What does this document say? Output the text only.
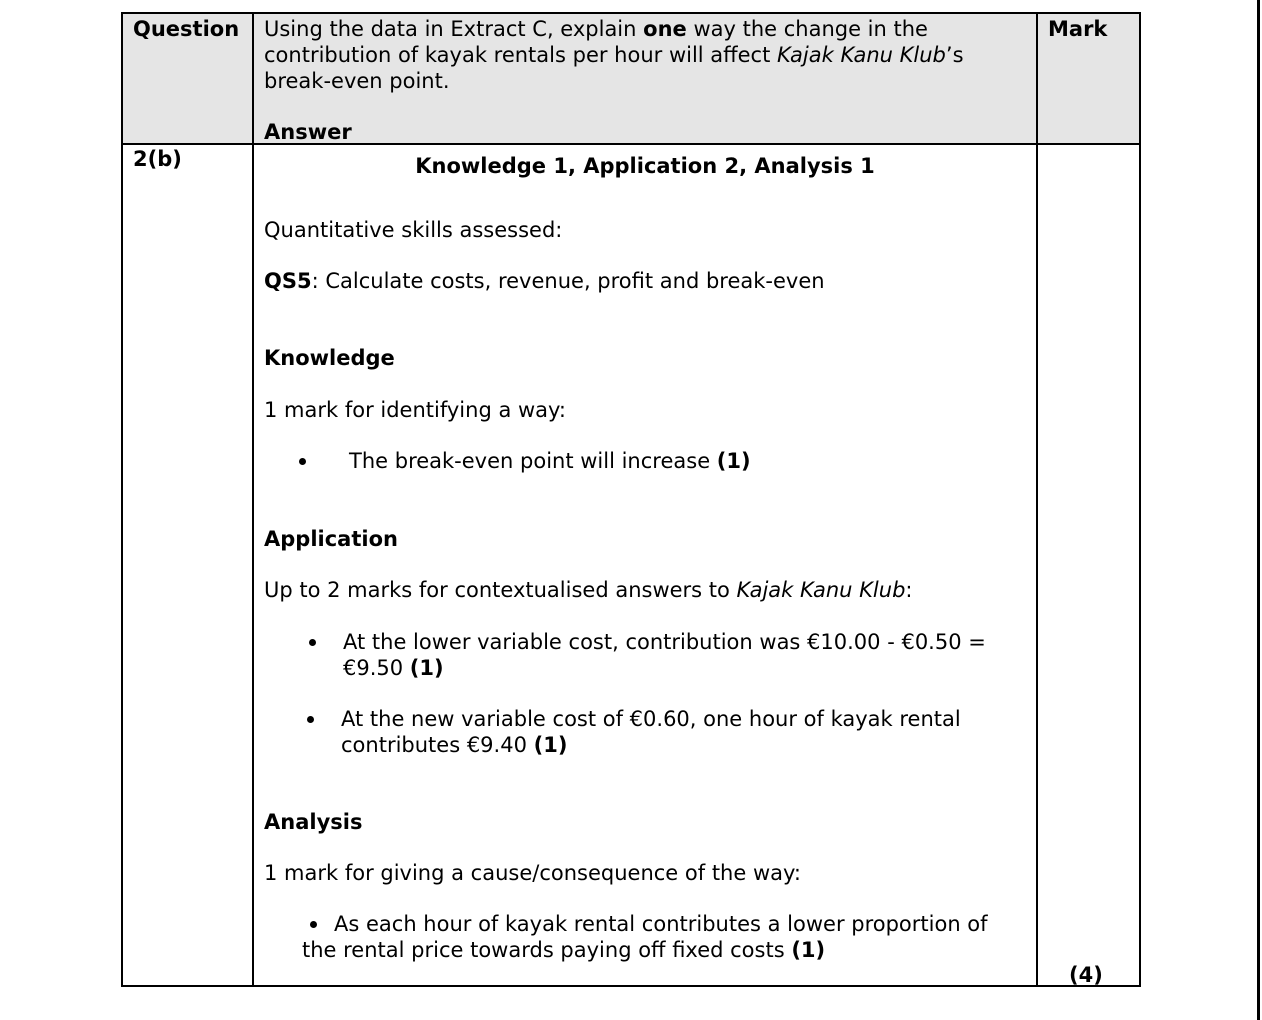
Question	Mark
Using the data in Extract C, explain one way the change in the
contribution of kayak rentals per hour will affect Kajak Kanu Klub’s
break-even point.
Answer
2(b)	Knowledge 1, Application 2, Analysis 1
Quantitative skills assessed:
QS5: Calculate costs, revenue, profit and break-even
Knowledge
1 mark for identifying a way:
The break-even point will increase (1)
Application
Up to 2 marks for contextualised answers to Kajak Kanu Klub:
At the lower variable cost, contribution was €10.00 - €0.50 =
€9.50 (1)
At the new variable cost of €0.60, one hour of kayak rental
contributes €9.40 (1)
Analysis
1 mark for giving a cause/consequence of the way:
As each hour of kayak rental contributes a lower proportion of
the rental price towards paying off fixed costs (1)
(4)
